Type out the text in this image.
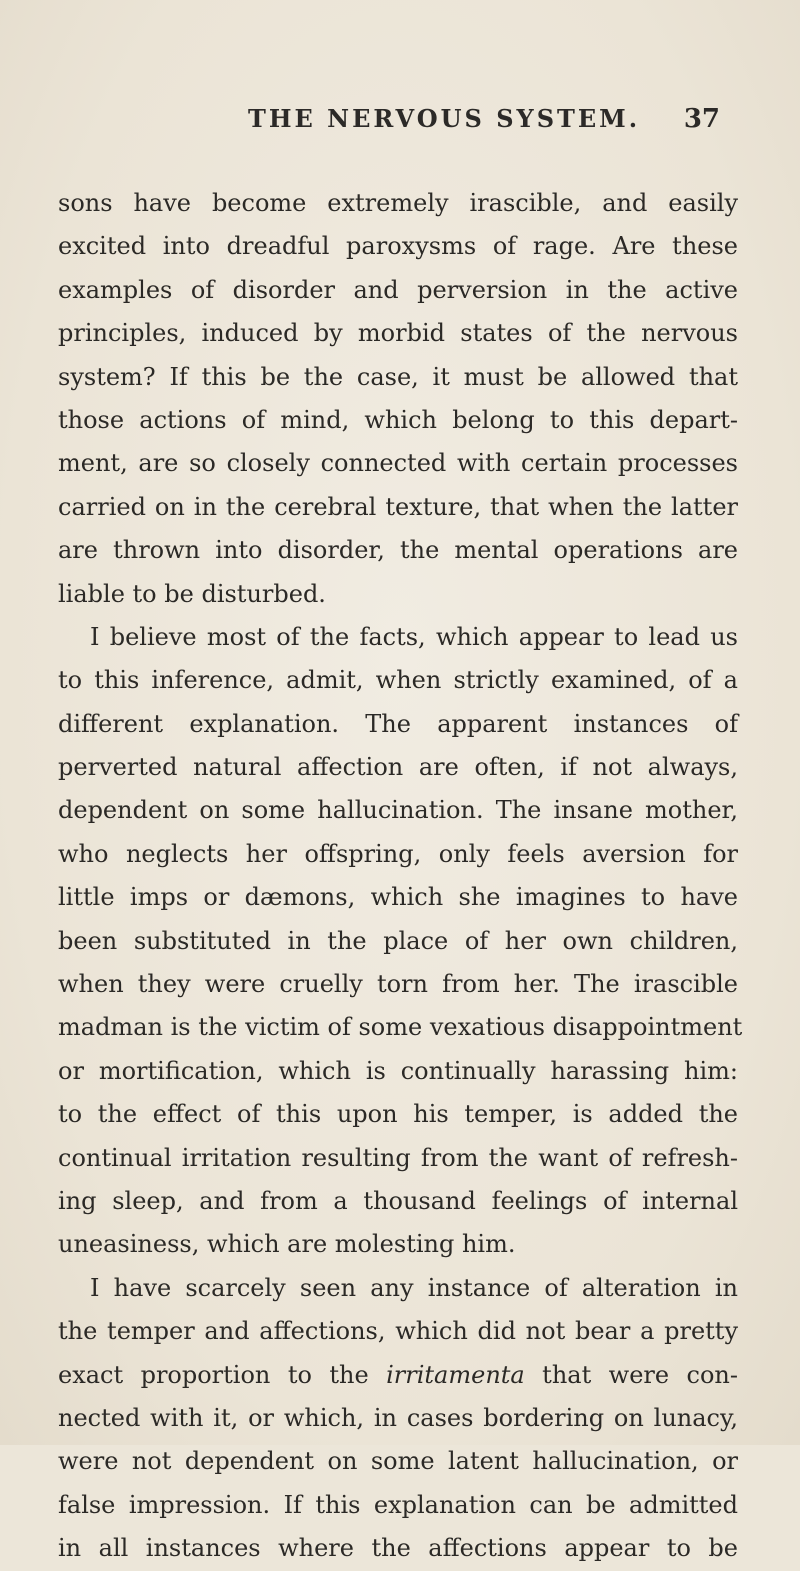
THE NERVOUS SYSTEM. 37
sons have become extremely irascible, and easily
excited into dreadful paroxysms of rage. Are these
examples of disorder and perversion in the active
principles, induced by morbid states of the nervous
system? If this be the case, it must be allowed that
those actions of mind, which belong to this depart-
ment, are so closely connected with certain processes
carried on in the cerebral texture, that when the latter
are thrown into disorder, the mental operations are
liable to be disturbed.
I believe most of the facts, which appear to lead us
to this inference, admit, when strictly examined, of a
different explanation. The apparent instances of
perverted natural affection are often, if not always,
dependent on some hallucination. The insane mother,
who neglects her offspring, only feels aversion for
little imps or dæmons, which she imagines to have
been substituted in the place of her own children,
when they were cruelly torn from her. The irascible
madman is the victim of some vexatious disappointment
or mortification, which is continually harassing him:
to the effect of this upon his temper, is added the
continual irritation resulting from the want of refresh-
ing sleep, and from a thousand feelings of internal
uneasiness, which are molesting him.
I have scarcely seen any instance of alteration in
the temper and affections, which did not bear a pretty
exact proportion to the irritamenta that were con-
nected with it, or which, in cases bordering on lunacy,
were not dependent on some latent hallucination, or
false impression. If this explanation can be admitted
in all instances where the affections appear to be
